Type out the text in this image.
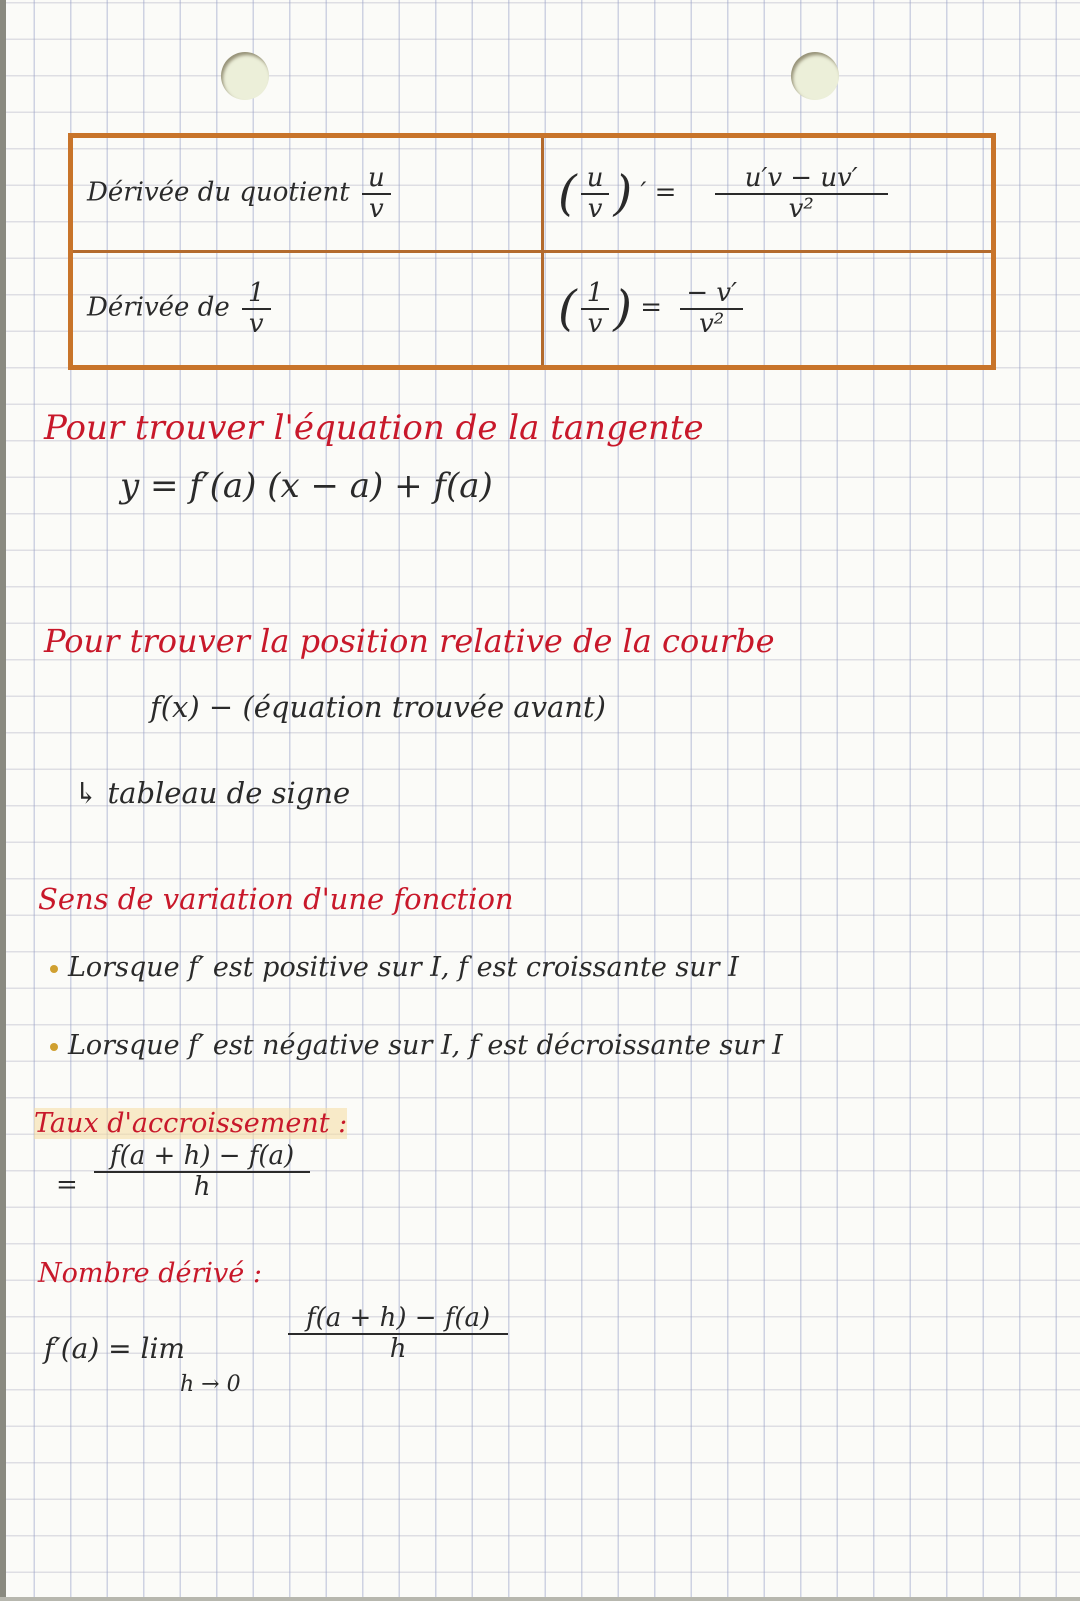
Dérivée du quotient $\frac{u}{v}$	( $\frac{u}{v}$ ) ′ = $\frac{u'v - uv'}{\text{v²}}$

Dérivée de $\frac{1}{v}$	( $\frac{1}{v}$ ) = $\frac{- v'}{\text{v²}}$
Pour trouver l'équation de la tangente
y = f′(a) (x − a) + f(a)
Pour trouver la position relative de la courbe
f(x) − (équation trouvée avant)
↳ tableau de signe
Sens de variation d'une fonction
Lorsque f′ est positive sur I, f est croissante sur I
Lorsque f′ est négative sur I, f est décroissante sur I
Taux d'accroissement :
= $\frac{f(a + h) - f(a)}{h}$
Nombre dérivé :
f′(a) = lim
h → 0
$\frac{f(a + h) - f(a)}{h}$
